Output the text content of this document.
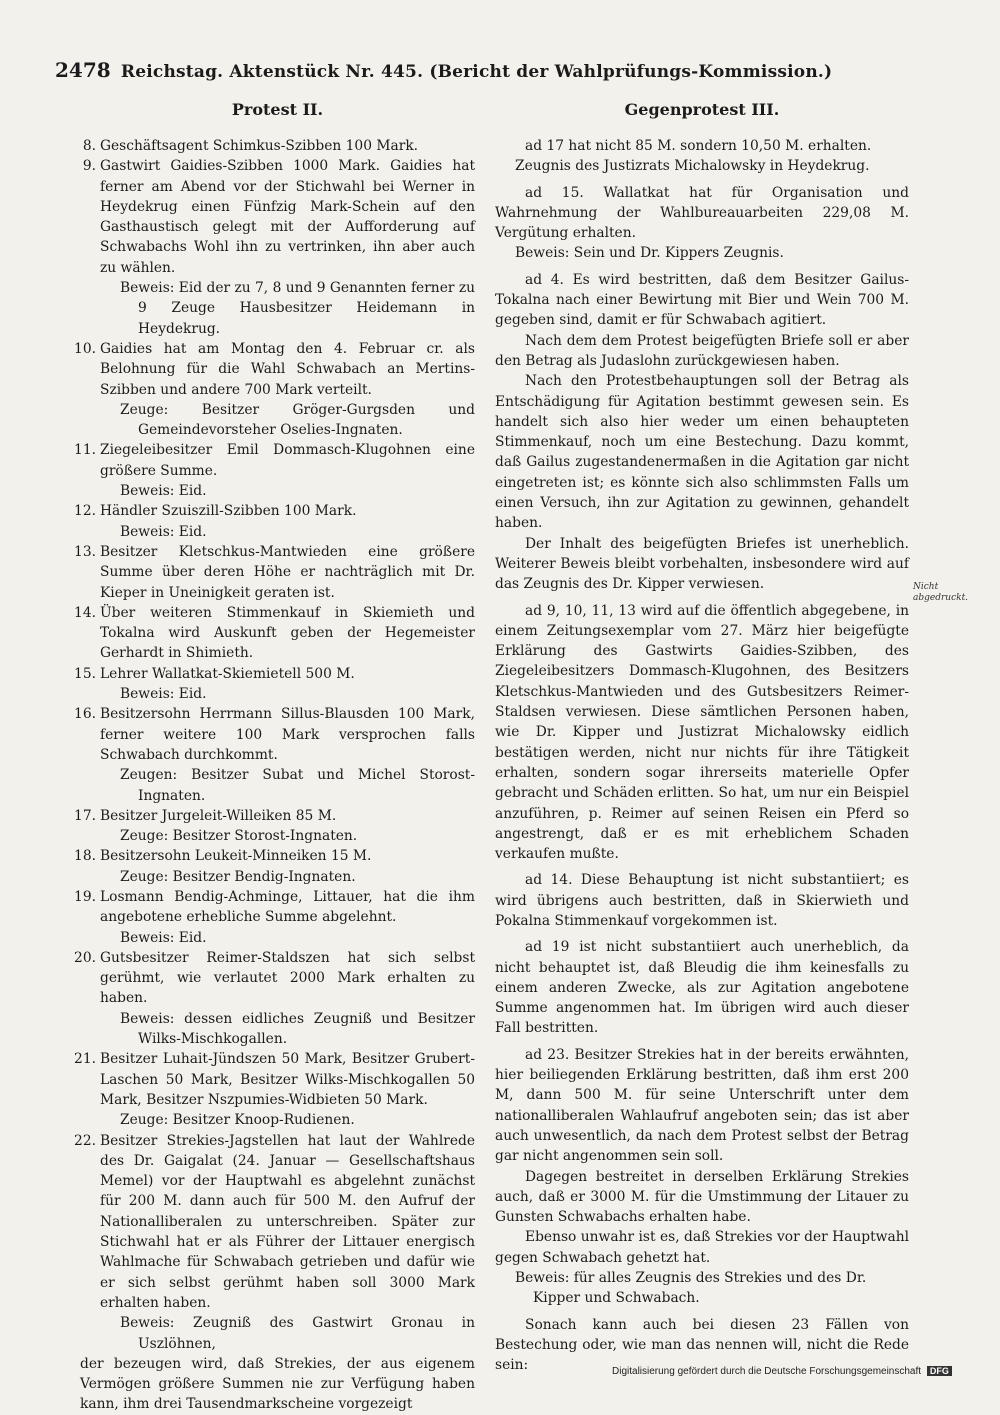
2478 Reichstag. Aktenstück Nr. 445. (Bericht der Wahlprüfungs-Kommission.)
Protest II.
8. Geschäftsagent Schimkus-Szibben 100 Mark.
9. Gastwirt Gaidies-Szibben 1000 Mark. Gaidies hat ferner am Abend vor der Stichwahl bei Werner in Heydekrug einen Fünfzig Mark-Schein auf den Gasthaustisch gelegt mit der Aufforderung auf Schwabachs Wohl ihn zu vertrinken, ihn aber auch zu wählen.
Beweis: Eid der zu 7, 8 und 9 Genannten ferner zu 9 Zeuge Hausbesitzer Heidemann in Heydekrug.
10. Gaidies hat am Montag den 4. Februar cr. als Belohnung für die Wahl Schwabach an Mertins-Szibben und andere 700 Mark verteilt.
Zeuge: Besitzer Gröger-Gurgsden und Gemeindevorsteher Oselies-Ingnaten.
11. Ziegeleibesitzer Emil Dommasch-Klugohnen eine größere Summe.
Beweis: Eid.
12. Händler Szuiszill-Szibben 100 Mark.
Beweis: Eid.
13. Besitzer Kletschkus-Mantwieden eine größere Summe über deren Höhe er nachträglich mit Dr. Kieper in Uneinigkeit geraten ist.
14. Über weiteren Stimmenkauf in Skiemieth und Tokalna wird Auskunft geben der Hegemeister Gerhardt in Shimieth.
15. Lehrer Wallatkat-Skiemietell 500 M.
Beweis: Eid.
16. Besitzersohn Herrmann Sillus-Blausden 100 Mark, ferner weitere 100 Mark versprochen falls Schwabach durchkommt.
Zeugen: Besitzer Subat und Michel Storost-Ingnaten.
17. Besitzer Jurgeleit-Willeiken 85 M.
Zeuge: Besitzer Storost-Ingnaten.
18. Besitzersohn Leukeit-Minneiken 15 M.
Zeuge: Besitzer Bendig-Ingnaten.
19. Losmann Bendig-Achminge, Littauer, hat die ihm angebotene erhebliche Summe abgelehnt.
Beweis: Eid.
20. Gutsbesitzer Reimer-Staldszen hat sich selbst gerühmt, wie verlautet 2000 Mark erhalten zu haben.
Beweis: dessen eidliches Zeugniß und Besitzer Wilks-Mischkogallen.
21. Besitzer Luhait-Jündszen 50 Mark, Besitzer Grubert-Laschen 50 Mark, Besitzer Wilks-Mischkogallen 50 Mark, Besitzer Nszpumies-Widbieten 50 Mark.
Zeuge: Besitzer Knoop-Rudienen.
22. Besitzer Strekies-Jagstellen hat laut der Wahlrede des Dr. Gaigalat (24. Januar — Gesellschaftshaus Memel) vor der Hauptwahl es abgelehnt zunächst für 200 M. dann auch für 500 M. den Aufruf der Nationalliberalen zu unterschreiben. Später zur Stichwahl hat er als Führer der Littauer energisch Wahlmache für Schwabach getrieben und dafür wie er sich selbst gerühmt haben soll 3000 Mark erhalten haben.
Beweis: Zeugniß des Gastwirt Gronau in Uszlöhnen,
der bezeugen wird, daß Strekies, der aus eigenem Vermögen größere Summen nie zur Verfügung haben kann, ihm drei Tausendmarkscheine vorgezeigt
Gegenprotest III.
ad 17 hat nicht 85 M. sondern 10,50 M. erhalten.
Zeugnis des Justizrats Michalowsky in Heydekrug.
ad 15. Wallatkat hat für Organisation und Wahrnehmung der Wahlbureauarbeiten 229,08 M. Vergütung erhalten.
Beweis: Sein und Dr. Kippers Zeugnis.
ad 4. Es wird bestritten, daß dem Besitzer Gailus-Tokalna nach einer Bewirtung mit Bier und Wein 700 M. gegeben sind, damit er für Schwabach agitiert.
Nach dem dem Protest beigefügten Briefe soll er aber den Betrag als Judaslohn zurückgewiesen haben.
Nach den Protestbehauptungen soll der Betrag als Entschädigung für Agitation bestimmt gewesen sein. Es handelt sich also hier weder um einen behaupteten Stimmenkauf, noch um eine Bestechung. Dazu kommt, daß Gailus zugestandenermaßen in die Agitation gar nicht eingetreten ist; es könnte sich also schlimmsten Falls um einen Versuch, ihn zur Agitation zu gewinnen, gehandelt haben.
Der Inhalt des beigefügten Briefes ist unerheblich. Weiterer Beweis bleibt vorbehalten, insbesondere wird auf das Zeugnis des Dr. Kipper verwiesen.
ad 9, 10, 11, 13 wird auf die öffentlich abgegebene, in einem Zeitungsexemplar vom 27. März hier beigefügte Erklärung des Gastwirts Gaidies-Szibben, des Ziegeleibesitzers Dommasch-Klugohnen, des Besitzers Kletschkus-Mantwieden und des Gutsbesitzers Reimer-Staldsen verwiesen. Diese sämtlichen Personen haben, wie Dr. Kipper und Justizrat Michalowsky eidlich bestätigen werden, nicht nur nichts für ihre Tätigkeit erhalten, sondern sogar ihrerseits materielle Opfer gebracht und Schäden erlitten. So hat, um nur ein Beispiel anzuführen, p. Reimer auf seinen Reisen ein Pferd so angestrengt, daß er es mit erheblichem Schaden verkaufen mußte.
ad 14. Diese Behauptung ist nicht substantiiert; es wird übrigens auch bestritten, daß in Skierwieth und Pokalna Stimmenkauf vorgekommen ist.
ad 19 ist nicht substantiiert auch unerheblich, da nicht behauptet ist, daß Bleudig die ihm keinesfalls zu einem anderen Zwecke, als zur Agitation angebotene Summe angenommen hat. Im übrigen wird auch dieser Fall bestritten.
ad 23. Besitzer Strekies hat in der bereits erwähnten, hier beiliegenden Erklärung bestritten, daß ihm erst 200 M, dann 500 M. für seine Unterschrift unter dem nationalliberalen Wahlaufruf angeboten sein; das ist aber auch unwesentlich, da nach dem Protest selbst der Betrag gar nicht angenommen sein soll.
Dagegen bestreitet in derselben Erklärung Strekies auch, daß er 3000 M. für die Umstimmung der Litauer zu Gunsten Schwabachs erhalten habe.
Ebenso unwahr ist es, daß Strekies vor der Hauptwahl gegen Schwabach gehetzt hat.
Beweis: für alles Zeugnis des Strekies und des Dr. Kipper und Schwabach.
Sonach kann auch bei diesen 23 Fällen von Bestechung oder, wie man das nennen will, nicht die Rede sein:
Nicht abgedruckt.
Digitalisierung gefördert durch die Deutsche Forschungsgemeinschaft DFG
